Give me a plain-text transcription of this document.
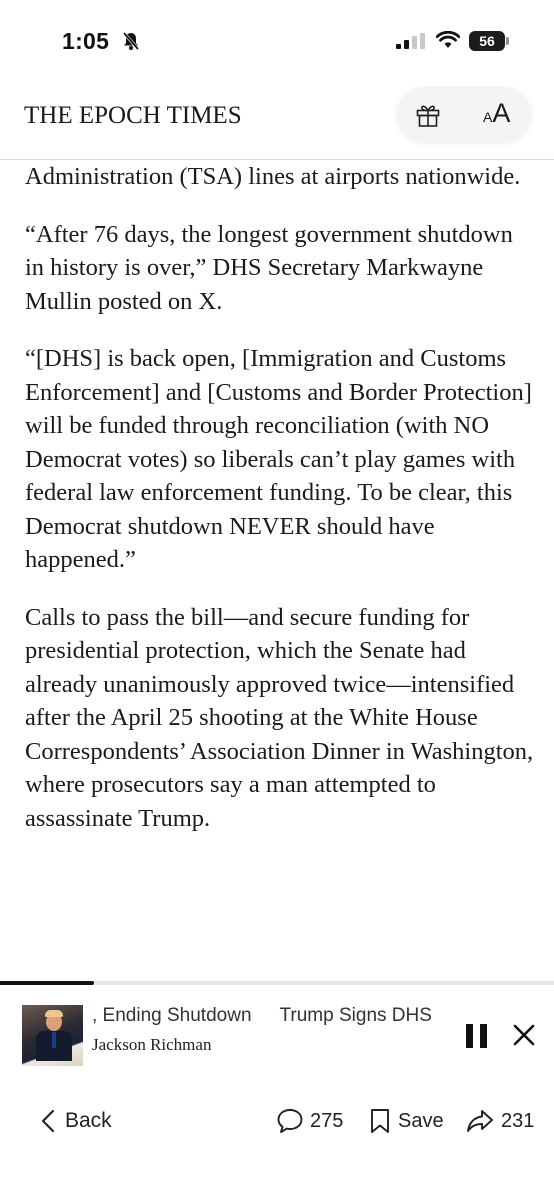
1:05	56
THE EPOCH TIMES	AA

Administration (TSA) lines at airports nationwide.

“After 76 days, the longest government shutdown in history is over,” DHS Secretary Markwayne Mullin posted on X.

“[DHS] is back open, [Immigration and Customs Enforcement] and [Customs and Border Protection] will be funded through reconciliation (with NO Democrat votes) so liberals can’t play games with federal law enforcement funding. To be clear, this Democrat shutdown NEVER should have happened.”

Calls to pass the bill—and secure funding for presidential protection, which the Senate had already unanimously approved twice—intensified after the April 25 shooting at the White House Correspondents’ Association Dinner in Washington, where prosecutors say a man attempted to assassinate Trump.

, Ending Shutdown Trump Signs DHS
Jackson Richman
Back	275	Save	231
